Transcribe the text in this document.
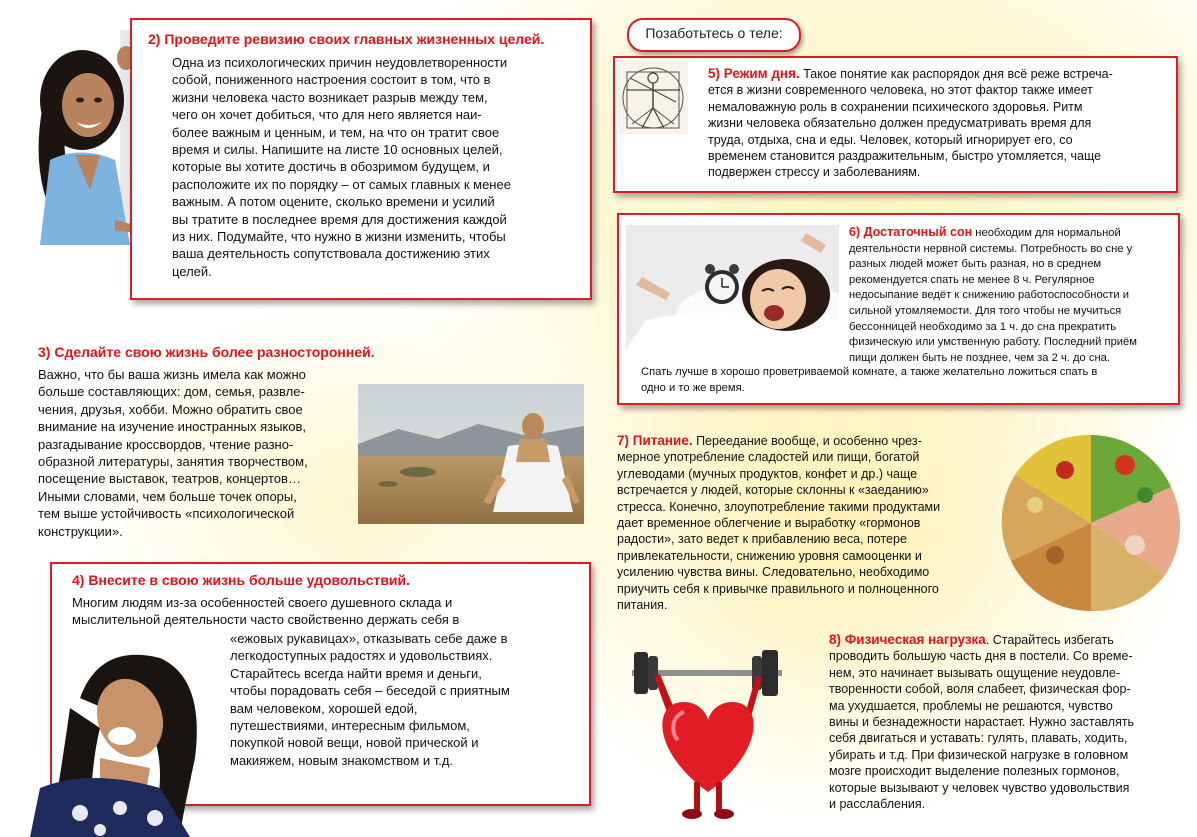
2) Проведите ревизию своих главных жизненных целей.

Одна из психологических причин неудовлетворенности

собой, пониженного настроения состоит в том, что в

жизни человека часто возникает разрыв между тем,

чего он хочет добиться, что для него является наи-

более важным и ценным, и тем, на что он тратит свое

время и силы. Напишите на листе 10 основных целей,

которые вы хотите достичь в обозримом будущем, и

расположите их по порядку – от самых главных к менее

важным. А потом оцените, сколько времени и усилий

вы тратите в последнее время для достижения каждой

из них. Подумайте, что нужно в жизни изменить, чтобы

ваша деятельность сопутствовала достижению этих

целей.

3) Сделайте свою жизнь более разносторонней.

Важно, что бы ваша жизнь имела как можно

больше составляющих: дом, семья, развле-

чения, друзья, хобби. Можно обратить свое

внимание на изучение иностранных языков,

разгадывание кроссвордов, чтение разно-

образной литературы, занятия творчеством,

посещение выставок, театров, концертов…

Иными словами, чем больше точек опоры,

тем выше устойчивость «психологической

конструкции».

4) Внесите в свою жизнь больше удовольствий.

Многим людям из-за особенностей своего душевного склада и

мыслительной деятельности часто свойственно держать себя в

«ежовых рукавицах», отказывать себе даже в

легкодоступных радостях и удовольствиях.

Старайтесь всегда найти время и деньги,

чтобы порадовать себя – беседой с приятным

вам человеком, хорошей едой,

путешествиями, интересным фильмом,

покупкой новой вещи, новой прической и

макияжем, новым знакомством и т.д.

Позаботьтесь о теле:

5) Режим дня. Такое понятие как распорядок дня всё реже встреча-

ется в жизни современного человека, но этот фактор также имеет

немаловажную роль в сохранении психического здоровья. Ритм

жизни человека обязательно должен предусматривать время для

труда, отдыха, сна и еды. Человек, который игнорирует его, со

временем становится раздражительным, быстро утомляется, чаще

подвержен стрессу и заболеваниям.

6) Достаточный сон необходим для нормальной

деятельности нервной системы. Потребность во сне у

разных людей может быть разная, но в среднем

рекомендуется спать не менее 8 ч. Регулярное

недосыпание ведёт к снижению работоспособности и

сильной утомляемости. Для того чтобы не мучиться

бессонницей необходимо за 1 ч. до сна прекратить

физическую или умственную работу. Последний приём

пищи должен быть не позднее, чем за 2 ч. до сна.

Спать лучше в хорошо проветриваемой комнате, а также желательно ложиться спать в

одно и то же время.

7) Питание. Переедание вообще, и особенно чрез-

мерное употребление сладостей или пищи, богатой

углеводами (мучных продуктов, конфет и др.) чаще

встречается у людей, которые склонны к «заеданию»

стресса. Конечно, злоупотребление такими продуктами

дает временное облегчение и выработку «гормонов

радости», зато ведет к прибавлению веса, потере

привлекательности, снижению уровня самооценки и

усилению чувства вины. Следовательно, необходимо

приучить себя к привычке правильного и полноценного

питания.

8) Физическая нагрузка. Старайтесь избегать

проводить большую часть дня в постели. Со време-

нем, это начинает вызывать ощущение неудовле-

творенности собой, воля слабеет, физическая фор-

ма ухудшается, проблемы не решаются, чувство

вины и безнадежности нарастает. Нужно заставлять

себя двигаться и уставать: гулять, плавать, ходить,

убирать и т.д. При физической нагрузке в головном

мозге происходит выделение полезных гормонов,

которые вызывают у человек чувство удовольствия

и расслабления.
